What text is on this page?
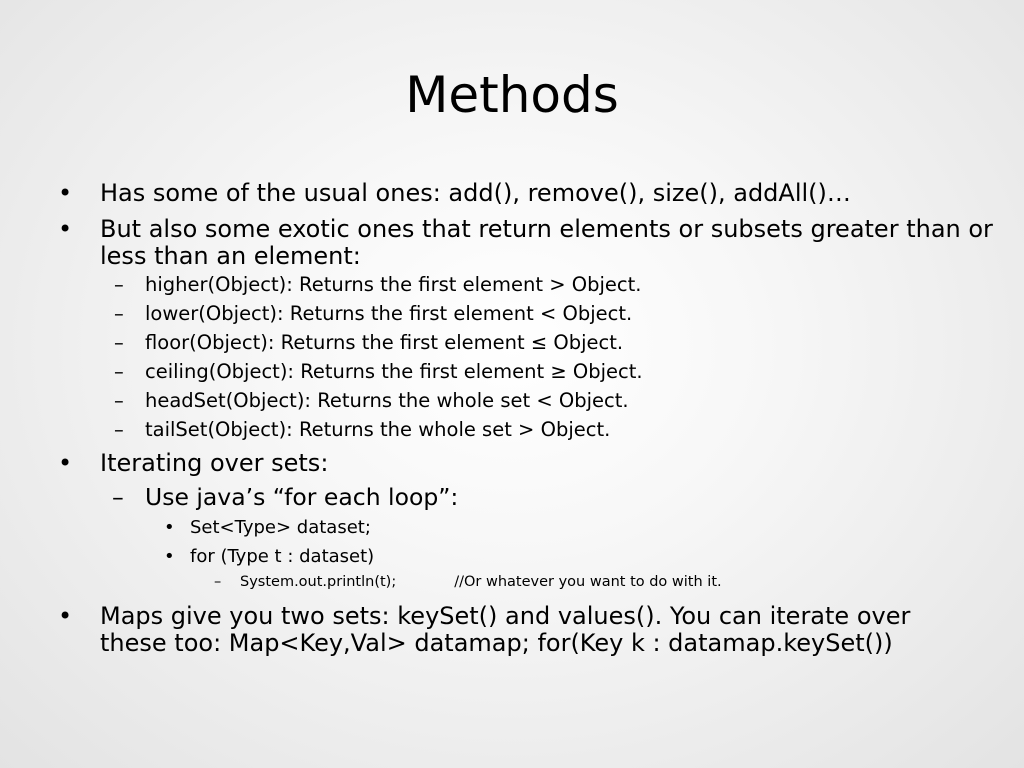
Methods
• Has some of the usual ones: add(), remove(), size(), addAll()…
• But also some exotic ones that return elements or subsets greater than or
less than an element:
– higher(Object): Returns the first element > Object.
– lower(Object): Returns the first element < Object.
– floor(Object): Returns the first element ≤ Object.
– ceiling(Object): Returns the first element ≥ Object.
– headSet(Object): Returns the whole set < Object.
– tailSet(Object): Returns the whole set > Object.
• Iterating over sets:
– Use java’s “for each loop”:
• Set<Type> dataset;
• for (Type t : dataset)
– System.out.println(t);	//Or whatever you want to do with it.
• Maps give you two sets: keySet() and values(). You can iterate over
these too: Map<Key,Val> datamap; for(Key k : datamap.keySet())
